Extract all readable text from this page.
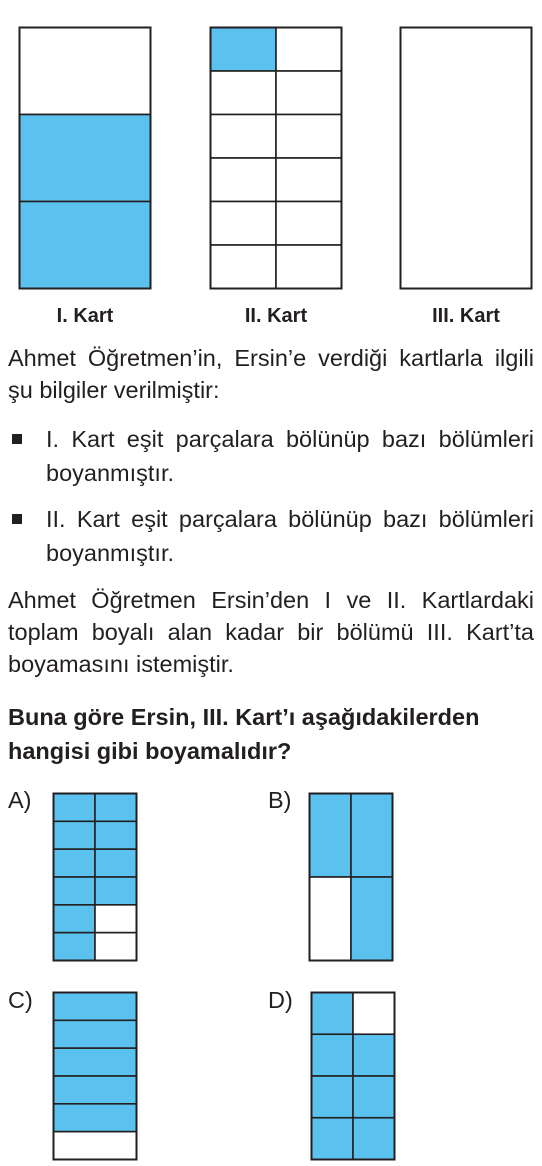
I. Kart	II. Kart	III. Kart
Ahmet Öğretmen’in, Ersin’e verdiği kartlarla ilgili şu bilgiler verilmiştir:
I. Kart eşit parçalara bölünüp bazı bölümleri boyanmıştır.
II. Kart eşit parçalara bölünüp bazı bölümleri boyanmıştır.
Ahmet Öğretmen Ersin’den I ve II. Kartlardaki toplam boyalı alan kadar bir bölümü III. Kart’ta boyamasını istemiştir.
Buna göre Ersin, III. Kart’ı aşağıdakilerden hangisi gibi boyamalıdır?
A)	B)
C)	D)
